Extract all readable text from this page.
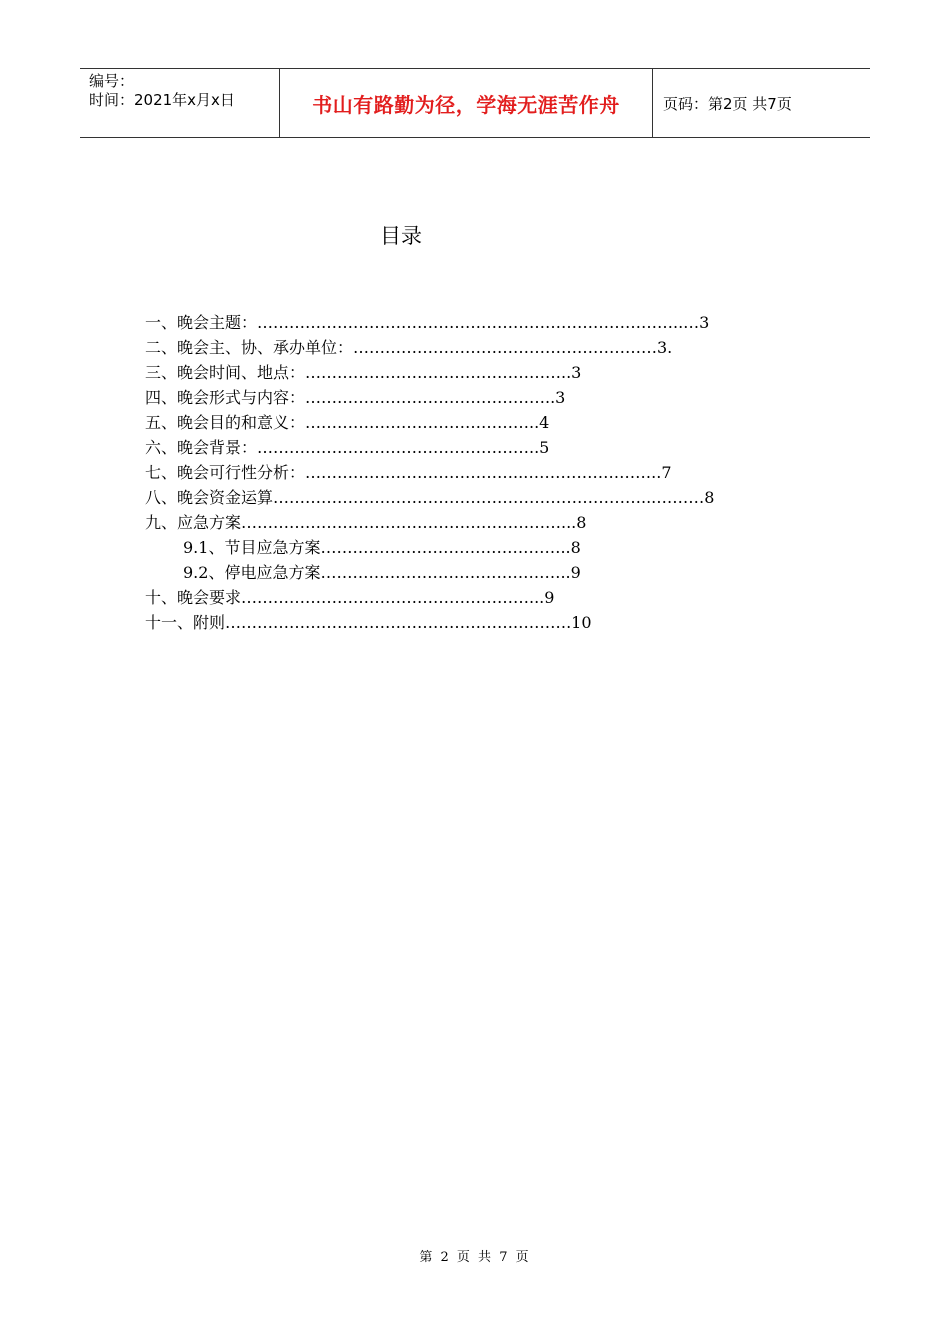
编号：
时间：2021年x月x日	书山有路勤为径，学海无涯苦作舟	页码：第2页 共7页
目录
一、晚会主题：……………………………………………………………………..…3
二、晚会主、协、承办单位：…………………………………………………3.
三、晚会时间、地点：…………………………………………..3
四、晚会形式与内容：………………………………………..3
五、晚会目的和意义：……………………………………..4
六、晚会背景：……………………………………………..5
七、晚会可行性分析：…………………………………..……………………..7
八、晚会资金运算……………………………………………………………...………8
九、应急方案……………………………………………………...8
9.1、节目应急方案………………………………………..8
9.2、停电应急方案………………………………………..9
十、晚会要求………………………………………………...9
十一、附则……………………………………………….……….10
第 2 页 共 7 页
